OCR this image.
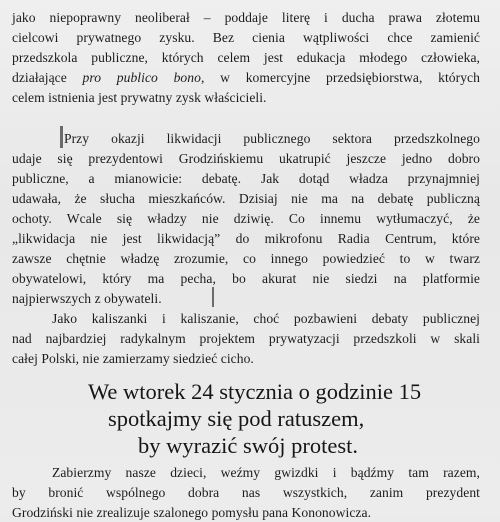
jako niepoprawny neoliberał – poddaje literę i ducha prawa złotemu
cielcowi prywatnego zysku. Bez cienia wątpliwości chce zamienić
przedszkola publiczne, których celem jest edukacja młodego człowieka,
działające pro publico bono, w komercyjne przedsiębiorstwa, których
celem istnienia jest prywatny zysk właścicieli.
Przy okazji likwidacji publicznego sektora przedszkolnego
udaje się prezydentowi Grodzińskiemu ukatrupić jeszcze jedno dobro
publiczne, a mianowicie: debatę. Jak dotąd władza przynajmniej
udawała, że słucha mieszkańców. Dzisiaj nie ma na debatę publiczną
ochoty. Wcale się władzy nie dziwię. Co innemu wytłumaczyć, że
„likwidacja nie jest likwidacją” do mikrofonu Radia Centrum, które
zawsze chętnie władzę zrozumie, co innego powiedzieć to w twarz
obywatelowi, który ma pecha, bo akurat nie siedzi na platformie
najpierwszych z obywateli.
Jako kaliszanki i kaliszanie, choć pozbawieni debaty publicznej
nad najbardziej radykalnym projektem prywatyzacji przedszkoli w skali
całej Polski, nie zamierzamy siedzieć cicho.
We wtorek 24 stycznia o godzinie 15
spotkajmy się pod ratuszem,
by wyrazić swój protest.
Zabierzmy nasze dzieci, weźmy gwizdki i bądźmy tam razem,
by bronić wspólnego dobra nas wszystkich, zanim prezydent
Grodziński nie zrealizuje szalonego pomysłu pana Kononowicza.
